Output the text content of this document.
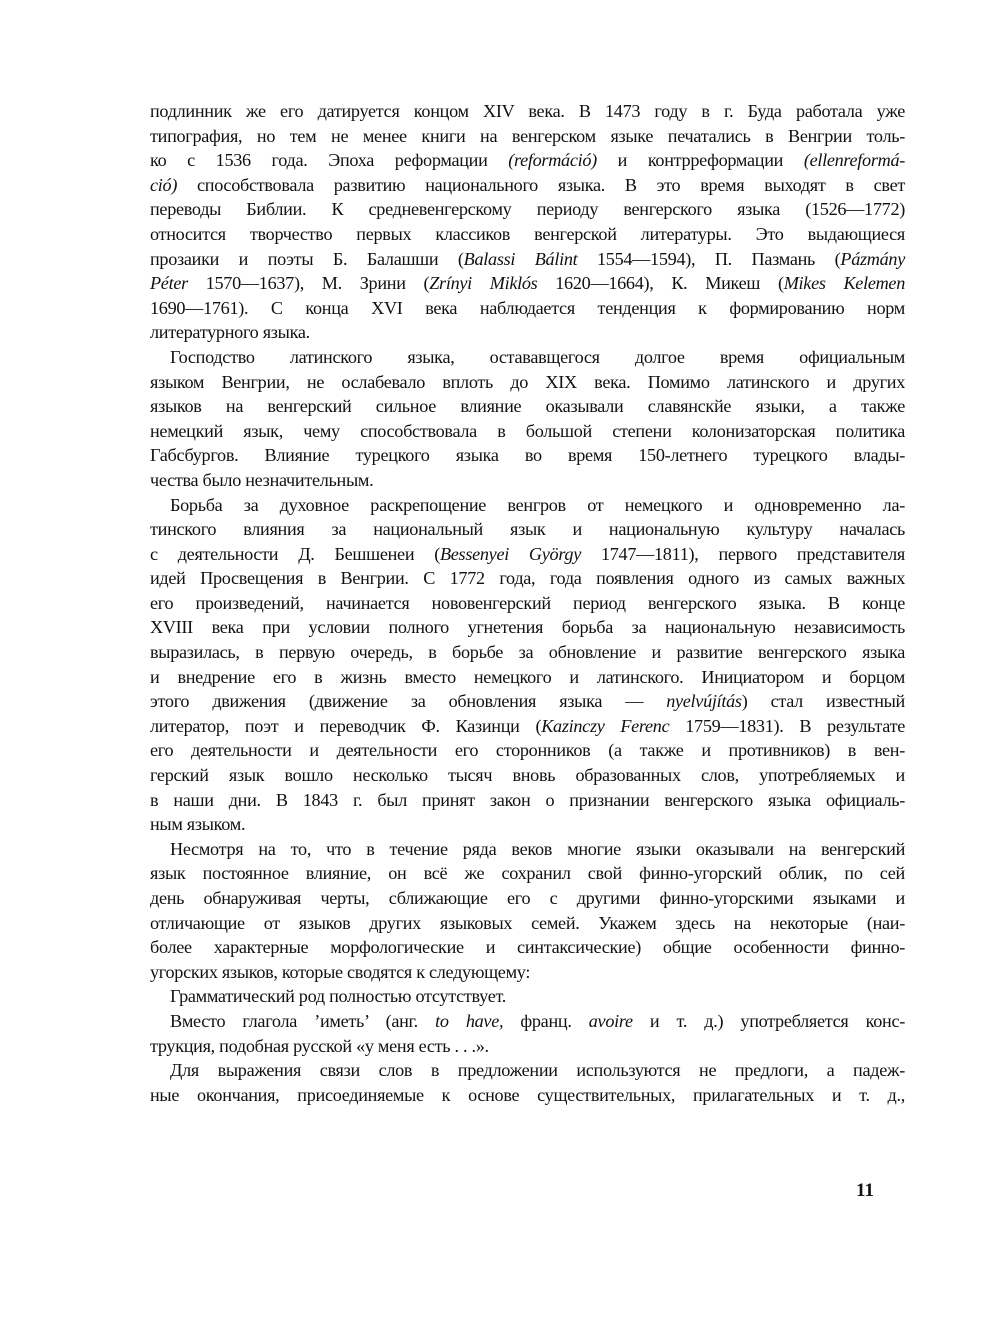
подлинник же его датируется концом XIV века. В 1473 году в г. Буда работала уже
типография, но тем не менее книги на венгерском языке печатались в Венгрии толь-
ко с 1536 года. Эпоха реформации (reformáció) и контрреформации (ellenreformá-
ció) способствовала развитию национального языка. В это время выходят в свет
переводы Библии. К средневенгерскому периоду венгерского языка (1526—1772)
относится творчество первых классиков венгерской литературы. Это выдающиеся
прозаики и поэты Б. Балашши (Balassi Bálint 1554—1594), П. Пазмань (Pázmány
Péter 1570—1637), М. Зрини (Zrínyi Miklós 1620—1664), К. Микеш (Mikes Kelemen
1690—1761). С конца XVI века наблюдается тенденция к формированию норм
литературного языка.
Господство латинского языка, остававщегося долгое время официальным
языком Венгрии, не ослабевало вплоть до XIX века. Помимо латинского и других
языков на венгерский сильное влияние оказывали славянскйе языки, а также
немецкий язык, чему способствовала в большой степени колонизаторская политика
Габсбургов. Влияние турецкого языка во время 150-летнего турецкого влады-
чества было незначительным.
Борьба за духовное раскрепощение венгров от немецкого и одновременно ла-
тинского влияния за национальный язык и национальную культуру началась
с деятельности Д. Бешшенеи (Bessenyei György 1747—1811), первого представителя
идей Просвещения в Венгрии. С 1772 года, года появления одного из самых важных
его произведений, начинается нововенгерский период венгерского языка. В конце
XVIII века при условии полного угнетения борьба за национальную независимость
выразилась, в первую очередь, в борьбе за обновление и развитие венгерского языка
и внедрение его в жизнь вместо немецкого и латинского. Инициатором и борцом
этого движения (движение за обновления языка — nyelvújítás) стал известный
литератор, поэт и переводчик Ф. Казинци (Kazinczy Ferenc 1759—1831). В результате
его деятельности и деятельности его сторонников (а также и противников) в вен-
герский язык вошло несколько тысяч вновь образованных слов, употребляемых и
в наши дни. В 1843 г. был принят закон о признании венгерского языка официаль-
ным языком.
Несмотря на то, что в течение ряда веков многие языки оказывали на венгерский
язык постоянное влияние, он всё же сохранил свой финно-угорский облик, по сей
день обнаруживая черты, сближающие его с другими финно-угорскими языками и
отличающие от языков других языковых семей. Укажем здесь на некоторые (наи-
более характерные морфологические и синтаксические) общие особенности финно-
угорских языков, которые сводятся к следующему:
Грамматический род полностью отсутствует.
Вместо глагола ’иметь’ (анг. to have, франц. avoire и т. д.) употребляется конс-
трукция, подобная русской «у меня есть . . .».
Для выражения связи слов в предложении используются не предлоги, а падеж-
ные окончания, присоединяемые к основе существительных, прилагательных и т. д.,
11
